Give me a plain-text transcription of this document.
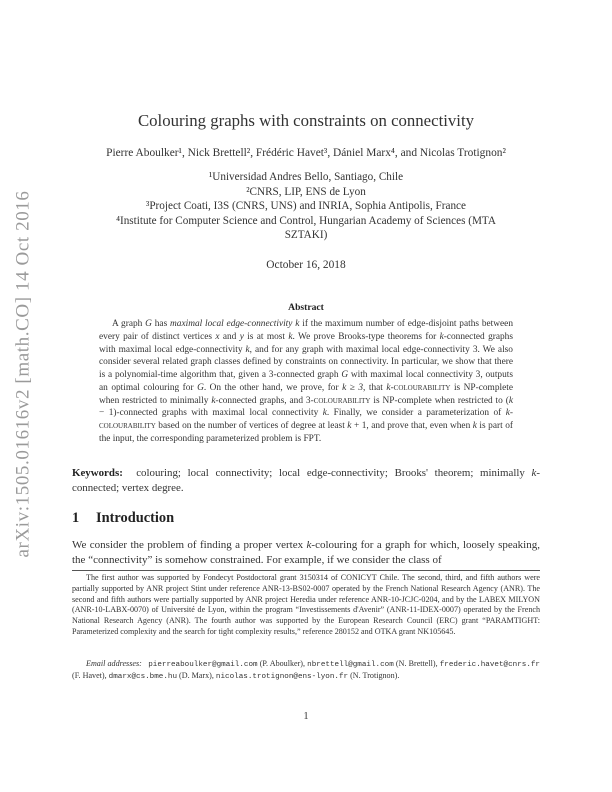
arXiv:1505.01616v2 [math.CO] 14 Oct 2016
Colouring graphs with constraints on connectivity
Pierre Aboulker¹, Nick Brettell², Frédéric Havet³, Dániel Marx⁴, and Nicolas Trotignon²
¹Universidad Andres Bello, Santiago, Chile
²CNRS, LIP, ENS de Lyon
³Project Coati, I3S (CNRS, UNS) and INRIA, Sophia Antipolis, France
⁴Institute for Computer Science and Control, Hungarian Academy of Sciences (MTA
SZTAKI)
October 16, 2018
Abstract

A graph G has maximal local edge-connectivity k if the maximum number of edge-disjoint paths between every pair of distinct vertices x and y is at most k. We prove Brooks-type theorems for k-connected graphs with maximal local edge-connectivity k, and for any graph with maximal local edge-connectivity 3. We also consider several related graph classes defined by constraints on connectivity. In particular, we show that there is a polynomial-time algorithm that, given a 3-connected graph G with maximal local connectivity 3, outputs an optimal colouring for G. On the other hand, we prove, for k ≥ 3, that k-colourability is NP-complete when restricted to minimally k-connected graphs, and 3-colourability is NP-complete when restricted to (k − 1)-connected graphs with maximal local connectivity k. Finally, we consider a parameterization of k-colourability based on the number of vertices of degree at least k + 1, and prove that, even when k is part of the input, the corresponding parameterized problem is FPT.

Keywords: colouring; local connectivity; local edge-connectivity; Brooks' theorem; minimally k-connected; vertex degree.
1 Introduction
We consider the problem of finding a proper vertex k-colouring for a graph for which, loosely speaking, the “connectivity” is somehow constrained. For example, if we consider the class of

The first author was supported by Fondecyt Postdoctoral grant 3150314 of CONICYT Chile. The second, third, and fifth authors were partially supported by ANR project Stint under reference ANR-13-BS02-0007 operated by the French National Research Agency (ANR). The second and fifth authors were partially supported by ANR project Heredia under reference ANR-10-JCJC-0204, and by the LABEX MILYON (ANR-10-LABX-0070) of Université de Lyon, within the program “Investissements d'Avenir” (ANR-11-IDEX-0007) operated by the French National Research Agency (ANR). The fourth author was supported by the European Research Council (ERC) grant “PARAMTIGHT: Parameterized complexity and the search for tight complexity results,” reference 280152 and OTKA grant NK105645.

Email addresses: pierreaboulker@gmail.com (P. Aboulker), nbrettell@gmail.com (N. Brettell), frederic.havet@cnrs.fr (F. Havet), dmarx@cs.bme.hu (D. Marx), nicolas.trotignon@ens-lyon.fr (N. Trotignon).
1
